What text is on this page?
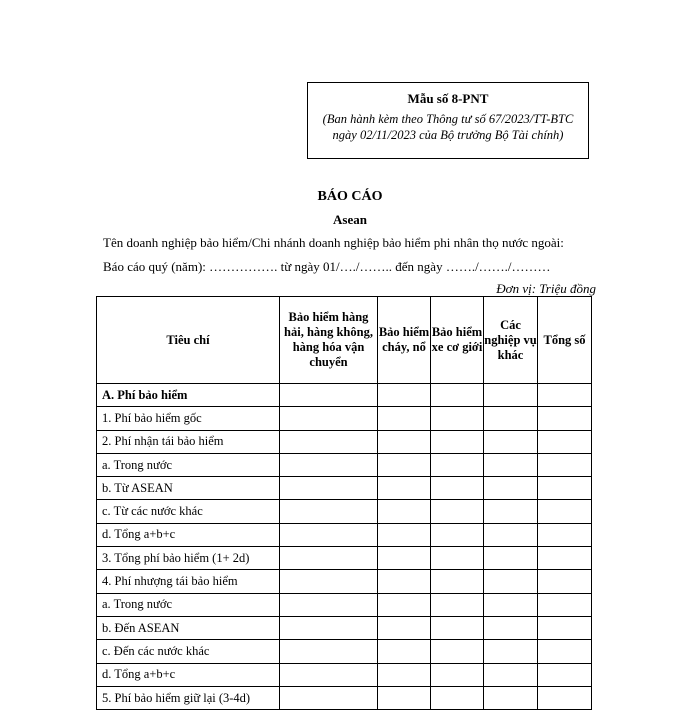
Mẫu số 8-PNT
(Ban hành kèm theo Thông tư số 67/2023/TT-BTC ngày 02/11/2023 của Bộ trưởng Bộ Tài chính)
BÁO CÁO
Asean
Tên doanh nghiệp bảo hiểm/Chi nhánh doanh nghiệp bảo hiểm phi nhân thọ nước ngoài:
Báo cáo quý (năm): ……………. từ ngày 01/…./…….. đến ngày ……./……./………
Đơn vị: Triệu đồng
Tiêu chí	Bảo hiểm hàng hải, hàng không, hàng hóa vận chuyển	Bảo hiểm cháy, nổ	Bảo hiểm xe cơ giới	Các nghiệp vụ khác	Tổng số
A. Phí bảo hiểm					
1. Phí bảo hiểm gốc					
2. Phí nhận tái bảo hiểm					
a. Trong nước					
b. Từ ASEAN					
c. Từ các nước khác					
d. Tổng a+b+c					
3. Tổng phí bảo hiểm (1+ 2d)					
4. Phí nhượng tái bảo hiểm					
a. Trong nước					
b. Đến ASEAN					
c. Đến các nước khác					
d. Tổng a+b+c					
5. Phí bảo hiểm giữ lại (3-4d)					
